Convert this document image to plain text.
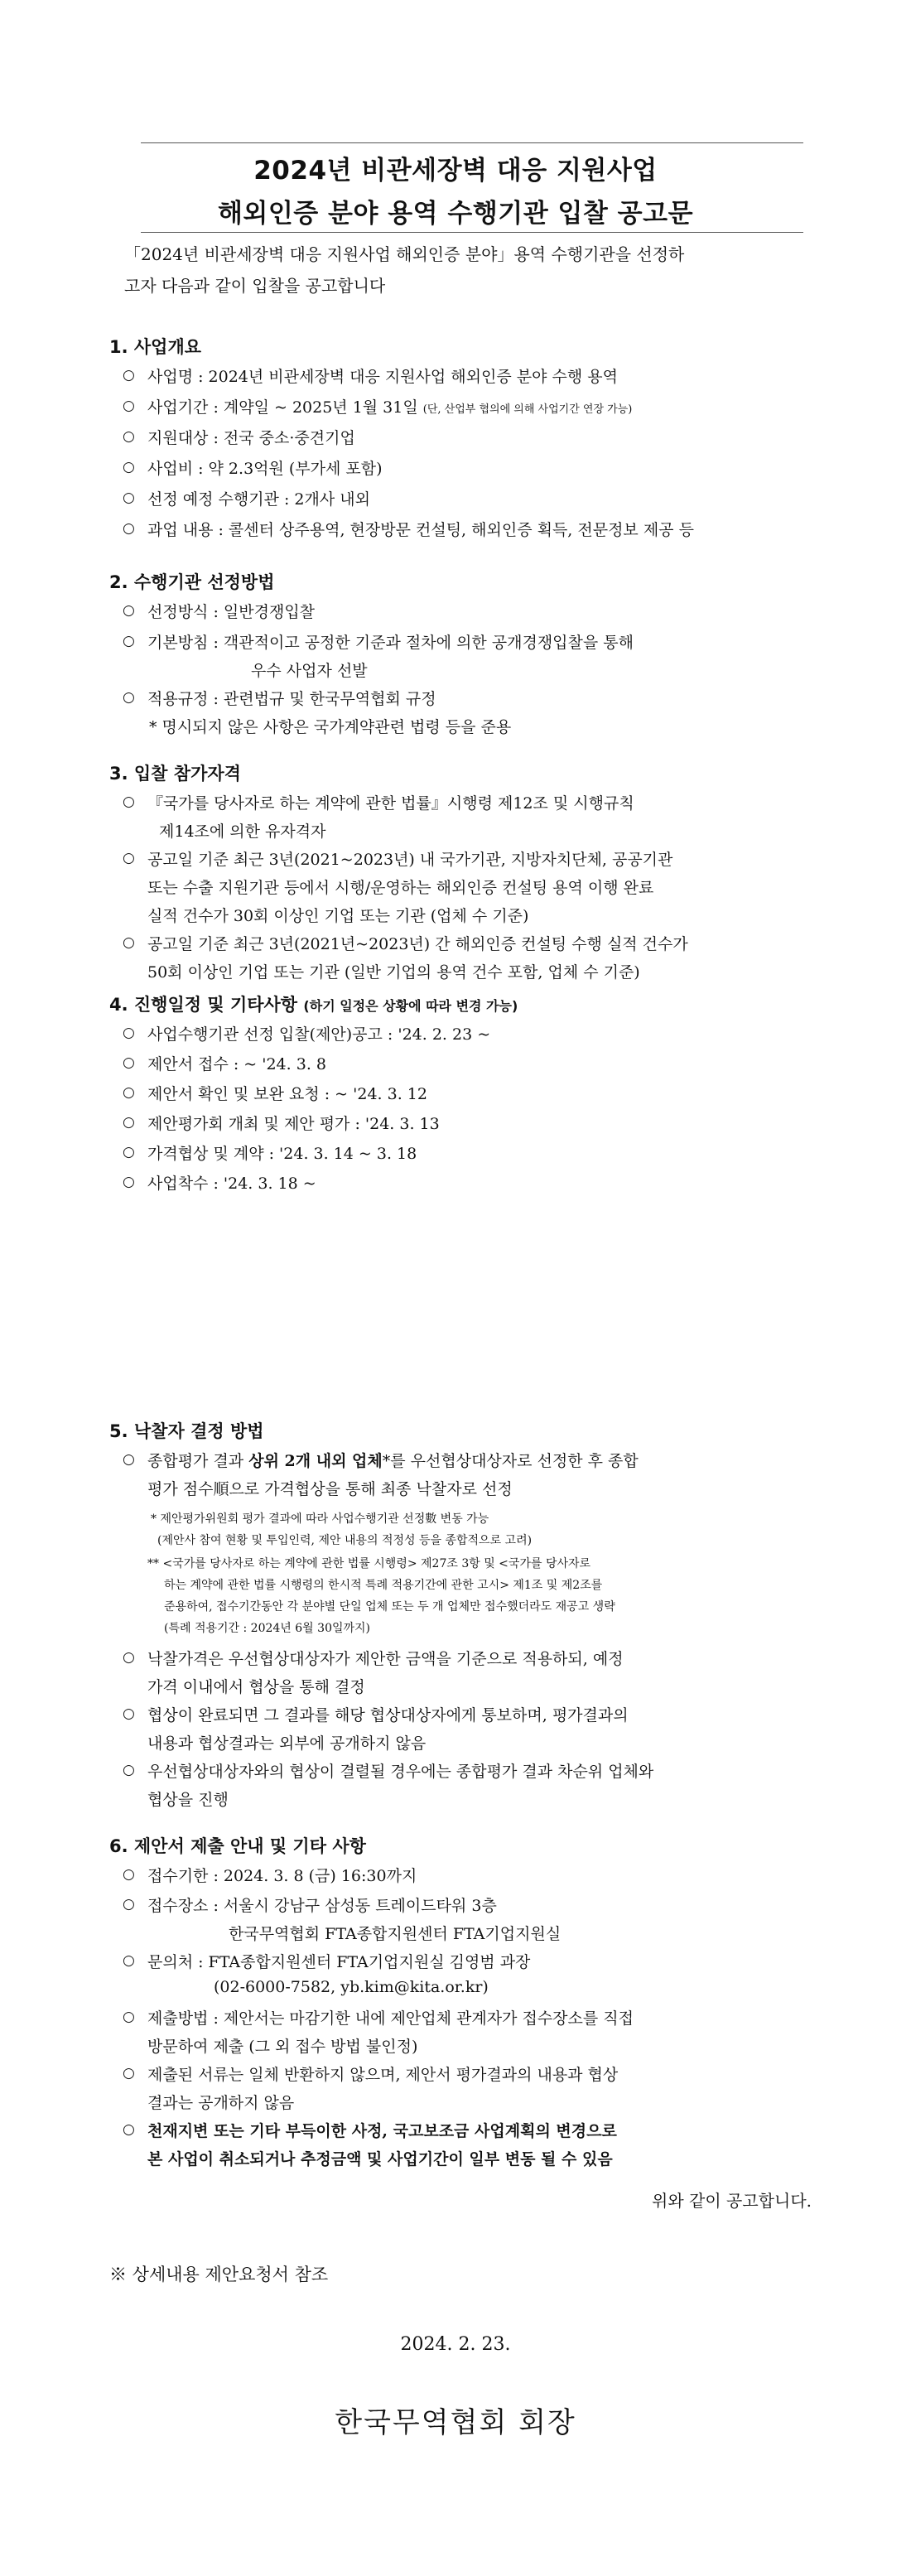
2024년 비관세장벽 대응 지원사업
해외인증 분야 용역 수행기관 입찰 공고문
「2024년 비관세장벽 대응 지원사업 해외인증 분야」용역 수행기관을 선정하
고자 다음과 같이 입찰을 공고합니다
1. 사업개요
○ 사업명 : 2024년 비관세장벽 대응 지원사업 해외인증 분야 수행 용역
○ 사업기간 : 계약일 ~ 2025년 1월 31일 (단, 산업부 협의에 의해 사업기간 연장 가능)
○ 지원대상 : 전국 중소·중견기업
○ 사업비 : 약 2.3억원 (부가세 포함)
○ 선정 예정 수행기관 : 2개사 내외
○ 과업 내용 : 콜센터 상주용역, 현장방문 컨설팅, 해외인증 획득, 전문정보 제공 등
2. 수행기관 선정방법
○ 선정방식 : 일반경쟁입찰
○ 기본방침 : 객관적이고 공정한 기준과 절차에 의한 공개경쟁입찰을 통해
우수 사업자 선발
○ 적용규정 : 관련법규 및 한국무역협회 규정
* 명시되지 않은 사항은 국가계약관련 법령 등을 준용
3. 입찰 참가자격
○ 『국가를 당사자로 하는 계약에 관한 법률』시행령 제12조 및 시행규칙
제14조에 의한 유자격자
○ 공고일 기준 최근 3년(2021~2023년) 내 국가기관, 지방자치단체, 공공기관
또는 수출 지원기관 등에서 시행/운영하는 해외인증 컨설팅 용역 이행 완료
실적 건수가 30회 이상인 기업 또는 기관 (업체 수 기준)
○ 공고일 기준 최근 3년(2021년~2023년) 간 해외인증 컨설팅 수행 실적 건수가
50회 이상인 기업 또는 기관 (일반 기업의 용역 건수 포함, 업체 수 기준)
4. 진행일정 및 기타사항 (하기 일정은 상황에 따라 변경 가능)
○ 사업수행기관 선정 입찰(제안)공고 : '24. 2. 23 ~
○ 제안서 접수 : ~ '24. 3. 8
○ 제안서 확인 및 보완 요청 : ~ '24. 3. 12
○ 제안평가회 개최 및 제안 평가 : '24. 3. 13
○ 가격협상 및 계약 : '24. 3. 14 ~ 3. 18
○ 사업착수 : '24. 3. 18 ~
5. 낙찰자 결정 방법
○ 종합평가 결과 상위 2개 내외 업체*를 우선협상대상자로 선정한 후 종합
평가 점수順으로 가격협상을 통해 최종 낙찰자로 선정
* 제안평가위원회 평가 결과에 따라 사업수행기관 선정數 변동 가능
(제안사 참여 현황 및 투입인력, 제안 내용의 적정성 등을 종합적으로 고려)
** <국가를 당사자로 하는 계약에 관한 법률 시행령> 제27조 3항 및 <국가를 당사자로
하는 계약에 관한 법률 시행령의 한시적 특례 적용기간에 관한 고시> 제1조 및 제2조를
준용하여, 접수기간동안 각 분야별 단일 업체 또는 두 개 업체만 접수했더라도 재공고 생략
(특례 적용기간 : 2024년 6월 30일까지)
○ 낙찰가격은 우선협상대상자가 제안한 금액을 기준으로 적용하되, 예정
가격 이내에서 협상을 통해 결정
○ 협상이 완료되면 그 결과를 해당 협상대상자에게 통보하며, 평가결과의
내용과 협상결과는 외부에 공개하지 않음
○ 우선협상대상자와의 협상이 결렬될 경우에는 종합평가 결과 차순위 업체와
협상을 진행
6. 제안서 제출 안내 및 기타 사항
○ 접수기한 : 2024. 3. 8 (금) 16:30까지
○ 접수장소 : 서울시 강남구 삼성동 트레이드타워 3층
한국무역협회 FTA종합지원센터 FTA기업지원실
○ 문의처 : FTA종합지원센터 FTA기업지원실 김영범 과장
(02-6000-7582, yb.kim@kita.or.kr)
○ 제출방법 : 제안서는 마감기한 내에 제안업체 관계자가 접수장소를 직접
방문하여 제출 (그 외 접수 방법 불인정)
○ 제출된 서류는 일체 반환하지 않으며, 제안서 평가결과의 내용과 협상
결과는 공개하지 않음
○ 천재지변 또는 기타 부득이한 사정, 국고보조금 사업계획의 변경으로
본 사업이 취소되거나 추정금액 및 사업기간이 일부 변동 될 수 있음
위와 같이 공고합니다.
※ 상세내용 제안요청서 참조
2024. 2. 23.
한국무역협회 회장
